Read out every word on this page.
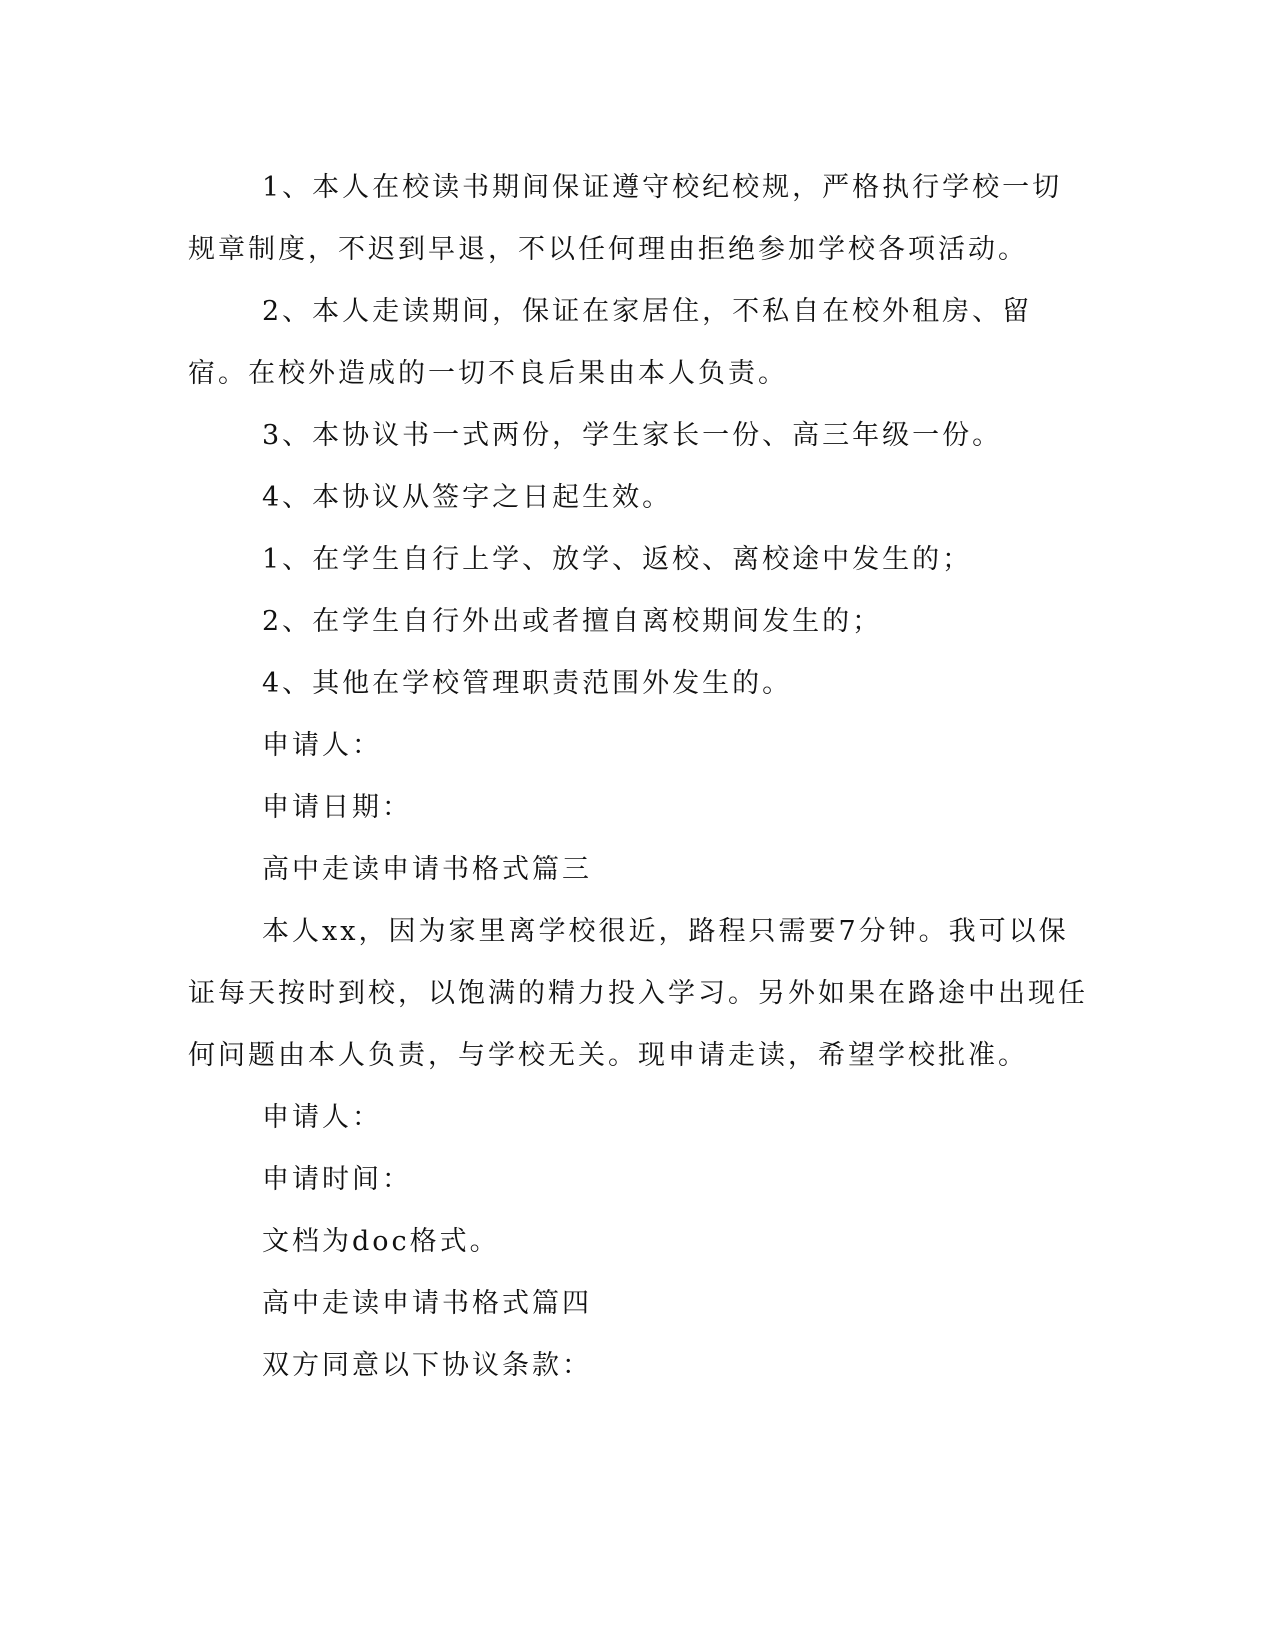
1、本人在校读书期间保证遵守校纪校规，严格执行学校一切规章制度，不迟到早退，不以任何理由拒绝参加学校各项活动。

2、本人走读期间，保证在家居住，不私自在校外租房、留宿。在校外造成的一切不良后果由本人负责。

3、本协议书一式两份，学生家长一份、高三年级一份。

4、本协议从签字之日起生效。

1、在学生自行上学、放学、返校、离校途中发生的；

2、在学生自行外出或者擅自离校期间发生的；

4、其他在学校管理职责范围外发生的。

申请人：

申请日期：

高中走读申请书格式篇三

本人xx，因为家里离学校很近，路程只需要7分钟。我可以保证每天按时到校，以饱满的精力投入学习。另外如果在路途中出现任何问题由本人负责，与学校无关。现申请走读，希望学校批准。

申请人：

申请时间：

文档为doc格式。

高中走读申请书格式篇四

双方同意以下协议条款：
